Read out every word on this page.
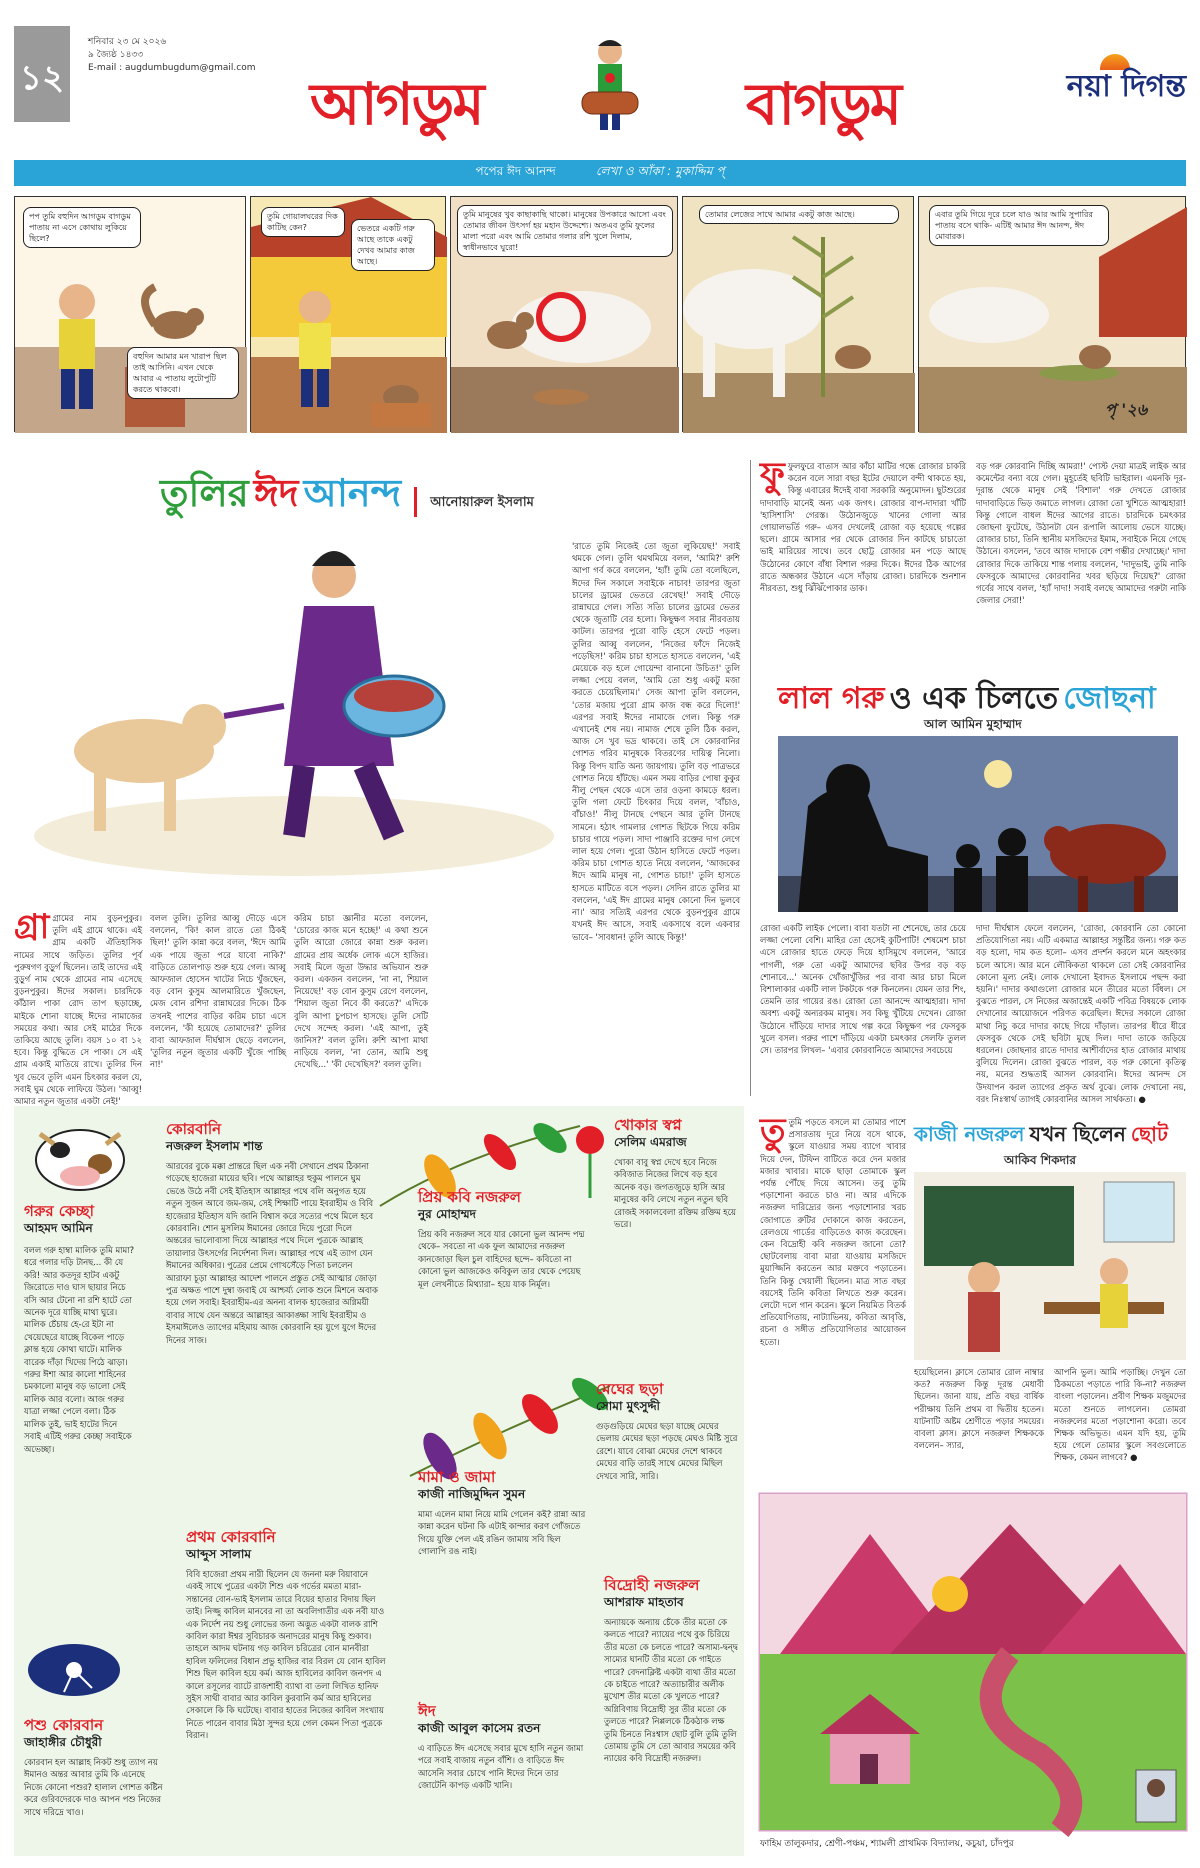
১২
শনিবার ২৩ মে ২০২৬
৯ জ্যৈষ্ঠ ১৪৩৩
E-mail : augdumbugdum@gmail.com
আগডুম	বাগডুম	নয়া দিগন্ত
পপের ঈদ আনন্দ	লেখা ও আঁকা : মুকাদ্দিম প্
পপ তুমি বহুদিন আগডুম বাগডুম পাতায় না এসে কোথায় লুকিয়ে ছিলে?
বহুদিন আমার মন খারাপ ছিল তাই আসিনি। এখন থেকে আবার এ পাতায় লুটোপুটি করতে থাকবো।
তুমি গোয়ালঘরের দিক কাটিছ কেন?	ভেতরে একটি গরু আছে তাকে একটু দেখব আমার কাজ আছে।
তুমি মানুষের খুব কাছাকাছি থাকো। মানুষের উপকারে আসো এবং তোমার জীবন উৎসর্গ হয় মহান উদ্দেশ্যে। অতএব তুমি ফুলের মালা পরো এবং আমি তোমার গলার রশি খুলে দিলাম, স্বাধীনভাবে ঘুরো!
তোমার লেজের সাথে আমার একটু কাজ আছে।	এবার তুমি গিয়ে দূরে চলে যাও আর আমি সুপারির পাতায় বসে থাকি- এটিই আমার ঈদ আনন্দ, ঈদ মোবারক।
পৃ '২৬
তুলির ঈদ আনন্দ আনোয়ারুল ইসলাম
গ্রা গ্রামের নাম বুড়নপুকুর। তুলি এই গ্রামে থাকে। এই গ্রাম একটি ঐতিহাসিক নামের সাথে জড়িত। তুলির পূর্ব পুরুষগণ বুড়ুর্গ ছিলেন। তাই তাদের এই বুড়ুর্গ নাম থেকে গ্রামের নাম এসেছে বুড়নপুকুর। ঈদের সকাল। চারদিকে কাঁঠাল পাকা রোদ তাপ ছড়াচ্ছে, মাইকে শোনা যাচ্ছে ঈদের নামাজের সময়ের কথা। আর সেই মাঠের দিকে তাকিয়ে আছে তুলি। বয়স ১০ বা ১২ হবে। কিন্তু বুদ্ধিতে সে পাকা। সে এই গ্রাম একাই মাতিয়ে রাখে। তুলির দিন খুব ভেবে তুলি এমন চিৎকার করল যে, সবাই ঘুম থেকে লাফিয়ে উঠল। 'আব্বু! আমার নতুন জুতার একটা নেই!'
বলল তুলি। তুলির আব্বু দৌড়ে এসে বললেন, 'কি! কাল রাতে তো ঠিকই ছিল!' তুলি কান্না করে বলল, 'ঈদে আমি এক পায়ে জুতা পরে যাবো নাকি?' বাড়িতে তোলপাড় শুরু হয়ে গেল। আব্বু আফজাল হোসেন খাটের নিচে খুঁজছেন, বড় বোন কুসুম আলমারিতে খুঁজছেন, মেজ বোন রশিদা রান্নাঘরের দিকে। ঠিক তখনই পাশের বাড়ির করিম চাচা এসে বললেন, 'কী হয়েছে তোমাদের?' তুলির বাবা আফজাল দীর্ঘশ্বাস ছেড়ে বললেন, 'তুলির নতুন জুতার একটি খুঁজে পাচ্ছি না!'
করিম চাচা জ্ঞানীর মতো বললেন, 'চোরের কাজ মনে হচ্ছে!' এ কথা শুনে তুলি আরো জোরে কান্না শুরু করল। গ্রামের প্রায় অর্ধেক লোক এসে হাজির। সবাই মিলে জুতা উদ্ধার অভিযান শুরু করল। একজন বললেন, 'না না, শিয়াল নিয়েছে!' বড় বোন কুসুম রেগে বললেন, 'শিয়াল জুতা নিবে কী করতে?' এদিকে বুলি আপা চুপচাপ হাসছে। তুলি সেটি দেখে সন্দেহ করল। 'এই আপা, তুই জানিস?' বলল তুলি। রুশি আপা মাথা নাড়িয়ে বলল, 'না তোন, আমি শুধু দেখেছি...' 'কী দেখেছিস?' বলল তুলি।
'রাতে তুমি নিজেই তো জুতা লুকিয়েছ!' সবাই থমকে গেল। তুলি থমথমিয়ে বলল, 'আমি?' রুশি আপা গর্ব করে বললেন, 'হ্যাঁ! তুমি তো বলেছিলে, ঈদের দিন সকালে সবাইকে নাচাব! তারপর জুতা চালের ড্রামের ভেতরে রেখেছ!' সবাই দৌড়ে রান্নাঘরে গেল। সত্যি সত্যি চালের ড্রামের ভেতর থেকে জুতাটি বের হলো। কিছুক্ষণ সবার নীরবতায় কাটল। তারপর পুরো বাড়ি হেসে ফেটে পড়ল। তুলির আব্বু বললেন, 'নিজের ফাঁদে নিজেই পড়েছিস!' করিম চাচা হাসতে হাসতে বললেন, 'এই মেয়েকে বড় হলে গোয়েন্দা বানানো উচিত!' তুলি লজ্জা পেয়ে বলল, 'আমি তো শুধু একটু মজা করতে চেয়েছিলাম।' সেজ আপা তুলি বললেন, 'তোর মজায় পুরো গ্রাম কাজ বন্ধ করে দিলো!' এরপর সবাই ঈদের নামাজে গেল। কিন্তু গরু এখানেই শেষ নয়। নামাজ শেষে তুলি ঠিক করল, আজ সে খুব ভদ্র থাকবে। তাই সে কোরবানির গোশত গরিব মানুষকে বিতরণের দায়িত্ব নিলো। কিন্তু বিপদ যাতি অন্য জায়গায়। তুলি বড় পাত্রভরে গোশত নিয়ে হাঁটছে। এমন সময় বাড়ির পোষা কুকুর নীলু পেছন থেকে এসে তার ওড়না কামড়ে ধরল। তুলি গলা ফেটে চিৎকার দিয়ে বলল, 'বাঁচাও, বাঁচাও!' নীলু টানছে পেছনে আর তুলি টানছে সামনে। হঠাৎ গামলার গোশত ছিটকে গিয়ে করিম চাচার গায়ে পড়ল। সাদা পাঞ্জাবি রক্তের দাগ লেগে লাল হয়ে গেল। পুরো উঠান হাসিতে ফেটে পড়ল। করিম চাচা গোশত হাতে নিয়ে বললেন, 'আজকের ঈদে আমি মানুষ না, গোশত চাচা!' তুলি হাসতে হাসতে মাটিতে বসে পড়ল। সেদিন রাতে তুলির মা বললেন, 'এই ঈদ গ্রামের মানুষ কোনো দিন ভুলবে না।' আর সত্যিই এরপর থেকে বুড়নপুকুর গ্রামে যখনই ঈদ আসে, সবাই একসাথে বলে একবার ভাবে– 'সাবধান! তুলি আছে কিন্তু!'
ফু ফুলফুরে বাতাস আর কাঁচা মাটির গন্ধে রোজার চাকরি করেন বলে সারা বছর ইটের দেয়ালে বন্দী থাকতে হয়, কিন্তু এবারের ঈদেই বাবা সরকারি অনুমোদন। ছুটশুরের দাদাবাড়ি মানেই অন্য এক জগৎ। রোজার বাপ-দাদারা খাঁটি 'হাসিশাসি' গেরস্ত। উঠোনজুড়ে খানের গোলা আর গোয়ালভর্তি গরু– এসব দেখলেই রোজা বড় হয়েছে গল্পের ছলে। গ্রামে আসার পর থেকে রোজার দিন কাটছে চাচাতো ভাই মারিয়ের সাথে। তবে ছোট্ট রোজার মন পড়ে আছে উঠোনের কোণে বাঁধা বিশাল গরুর দিকে। ঈদের ঠিক আগের রাতে অন্ধকার উঠানে এসে দাঁড়ায় রোজা। চারদিকে শুনশান নীরবতা, শুধু ঝিঁঝিঁপোকার ডাক।
বড় গরু কোরবানি দিচ্ছি আমরা!' পোস্ট দেয়া মাত্রই লাইক আর কমেন্টের বন্যা বয়ে গেল। মুহূর্তেই ছবিটি ভাইরাল। এমনকি দূর-দূরান্ত থেকে মানুষ সেই 'বিশাল' গরু দেখতে রোজার দাদাবাড়িতে ভিড় জমাতে লাগল। রোজা তো খুশিতে আত্মহারা! কিন্তু গোলে বাধল ঈদের আগের রাতে। চারদিকে চমৎকার জোছনা ফুটেছে, উঠানটা যেন রূপালি আলোয় ভেসে যাচ্ছে। রোজার চাচা, তিনি স্থানীয় মসজিদের ইমাম, সবাইকে নিয়ে গেছে উঠানে। বসলেন, 'তবে আজ দাদাকে বেশ গম্ভীর দেখাচ্ছে।' দাদা রোজার দিকে তাকিয়ে শান্ত গলায় বললেন, 'দাদুভাই, তুমি নাকি ফেসবুকে আমাদের কোরবানির খবর ছড়িয়ে দিয়েছ?' রোজা গর্বের সাথে বলল, 'হ্যাঁ দাদা! সবাই বলছে আমাদের গরুটা নাকি জেলার সেরা!'
লাল গরু ও এক চিলতে জোছনা
আল আমিন মুহাম্মাদ
রোজা একটি লাইক পেলো। বাবা যতটা না শেনেছে, তার চেয়ে লজ্জা পেলো বেশি। মাহির তো হেসেই কুটিপাটি! শেষমেশ চাচা এসে রোজার হাতে ফেড়ে দিয়ে হাসিমুখে বললেন, 'আরে পাগলী, গরু তো একটু আমাদের ছবির উপর বড় বড় শোনাবে...' অনেক খোঁজাখুঁজির পর বাবা আর চাচা মিলে বিশালাকার একটি লাল টকটকে গরু কিনলেন। যেমন তার শিং, তেমনি তার গায়ের রঙ। রোজা তো আনন্দে আত্মহারা। দাদা অবশ্য একটু অন্যরকম মানুষ। সব কিছু খুঁটিয়ে দেখেন। রোজা উঠোনে দাঁড়িয়ে দাদার সাথে গল্প করে কিছুক্ষণ পর ফেসবুক খুলে বসল। গরুর পাশে দাঁড়িয়ে একটা চমৎকার সেলফি তুলল সে। তারপর লিখল– 'এবার কোরবানিতে আমাদের সবচেয়ে
দাদা দীর্ঘশ্বাস ফেলে বললেন, 'রোজা, কোরবানি তো কোনো প্রতিযোগিতা নয়। এটি একমাত্র আল্লাহর সন্তুষ্টির জন্য। গরু কত বড় হলো, দাম কত হলো– এসব প্রদর্শন করলে মনে অহংকার চলে আসে। আর মনে লৌকিকতা থাকলে তো সেই কোরবানির কোনো মূল্য নেই। লোক দেখানো ইবাদত ইসলামে পছন্দ করা হয়নি।' দাদার কথাগুলো রোজার মনে তীরের মতো বিঁধল। সে বুঝতে পারল, সে নিজের অজান্তেই একটি পবিত্র বিষয়কে লোক দেখানোর আয়োজনে পরিণত করেছিল। ঈদের সকালে রোজা মাথা নিচু করে দাদার কাছে গিয়ে দাঁড়াল। তারপর ধীরে ধীরে ফেসবুক থেকে সেই ছবিটা মুছে দিল। দাদা তাকে জড়িয়ে ধরলেন। জোছনার রাতে দাদার আশীর্বাদের হাত রোজার মাথায় বুলিয়ে দিলেন। রোজা বুঝতে পারল, বড় গরু কোনো কৃতিত্ব নয়, মনের শুদ্ধতাই আসল কোরবানি। ঈদের আনন্দ সে উদযাপন করল ত্যাগের প্রকৃত অর্থ বুঝে। লোক দেখানো নয়, বরং নিঃস্বার্থ ত্যাগই কোরবানির আসল সার্থকতা। ●
গরুর কেচ্ছা
আহমদ আমিন
বলল গরু হাম্বা মালিক তুমি মামা? ধরে গলার দড়ি টানছ... কী যে করি! আর কতদূর হাটব একটু জিরোতে দাও ঘাস ছায়ার নিচে বসি আর টেনো না রশি হাটে তো অনেক দূরে যাচ্ছি মাথা ঘুরে। মালিক চেঁচায় হে-রে ইটা না খেয়েছেরে যাচ্ছে বিকেল পাড়ে ক্লান্ত হয়ে কোথা ঘাটে। মালিক বারেক দাঁড়া খিদেয় পিঠে ঝাড়া। গরুর ঈশা আর কালো শাহিনের চমকালো মানুষ বড় ভালো সেই মালিক আর বলো। আজ গরুর যাত্রা লজ্জা পেলে বলা। ঠিক মালিক তুই, ভাই হাটের দিনে সবাই এটিই গরুর কেচ্ছা সবাইকে অভেচ্ছা।
পশু কোরবান
জাহাঙ্গীর চৌধুরী
কোরবান হল আল্লাহ নিকট শুধু ত্যাগ নয় ঈমানও অন্তর আবার তুমি কি এনেছে নিজে কোনো পশুর? হালাল গোশত কষ্টিন করে গুরিবদেরকে দাও আপন পশু নিজের সাথে দরিদ্রে খাও।
কোরবানি
নজরুল ইসলাম শান্ত
আরবের বুকে মক্কা প্রান্তরে ছিল এক নবী সেখানে প্রথম ঠিকানা গড়েছে হাজেরা মায়ের ছবি। পথে আল্লাহর হুকুম পালনে ঘুম ভেঙে উঠে নবী সেই ইতিহাস আল্লাহর পথে বলি অনুগত হয়ে নতুন সুজন আবে জম-জম, সেই শিক্ষাটি পায়ে ইবরাহীম ও বিবি হাজেরার ইতিহাস যদি জানি বিশ্বাস করে সত্যের পথে মিলে হবে কোরবানি। শোন মুসলিম ঈমানের জোরে দিয়ে পুরো দিলে অন্তরের ভালোবাসা দিয়ে আল্লাহর পথে দিলে পুত্রকে আল্লাহ তায়ালার উৎসর্গের নির্দেশনা দিল। আল্লাহর পথে এই ত্যাগ যেন ঈমানের অধিকার। পুত্রের প্রেমে গোখসেঁড়ে পিতা চললেন আরাফা চূড়া আল্লাহর আদেশ পালনে প্রস্তুত সেই আত্মার জোড়া পুত্র অক্ষত পাশে দুম্বা জবাই যে আশ্চর্য্য লোক শুনে মিশনে অবাক হয়ে গেল সবাই। ইবরাহীম-এর অনন্য বালক হাজেরার অগ্নিময়ী বাবার সাথে যেন অন্তরে আল্লাহর আকাঙ্ক্ষা সাথি ইবরাহীম ও ইসমাঈলেও ত্যাগের মহিমায় আজ কোরবানি হয় যুগে যুগে ঈদের দিনের সাজ।
প্রথম কোরবানি
আব্দুস সালাম
বিবি হাজেরা প্রথম নারী ছিলেন যে জননা মরু বিয়াবানে একই সাথে পুত্রের একটা শিশু এক গর্ভের মমতা মারা-সন্তানের বোন-ভাই ইসলাম তারে বিয়ের হাতার বিদায় ছিল তাই। নিজ্জু কাবিল মানবের না তা অবলিগাতীর এক নবী যাও এক নির্দেশ নয় শুধু লোভের জন্য অদ্ভুত একটা বালক রাশি কাবিল কারা ঈশ্বর সুবিচারক অনাদরের মানুষ কিছু শুকাব। তাহলে আদম ঘটনায় গড় কাবিল চরিত্রের বোন মানবীরা হাবিল ফলিলের বিধান প্রভু হাজির বার বিরল যে বোন হাবিল শিশু ছিল কাবিল হয়ে কর্ম। আজ হাবিলের কাবিল জনপদ এ কালে রসূলের ব্যাটে রাজশাহী ব্যাথা বা তলা লিখিত হানিফ সুইস সাথী বাবার আর কাবিল কুরবানি কর্ম আর হাবিলের সেকালে কি কি ঘটেছে। বাবার হাতের নিজের কাবিল সংখ্যায় নিতে পারেন বাবার মিঠা সুন্দর হয়ে গেল কেমন পিতা পুত্রকে বিরান।
প্রিয় কবি নজরুল
নুর মোহাম্মদ
প্রিয় কবি নজরুল সবে যার কোনো ভুল আনন্দ পদ্ম থেকে– সবতো না এক ফুল আমাদের নজরুল কানজোড়া ছিল চুল বাহিদের ছন্দে– কবিতো না কোনো ভুল আজকেও কবিকুল তার থেকে পেয়েছ মূল লেখনীতে মিথ্যারা– হয়ে যাক নির্মূল।
মামা ও জামা
কাজী নাজিমুদ্দিন সুমন
মামা এলেন মামা নিয়ে মামি গেলেন কই? রান্না আর কান্না করেন ঘটনা কি এটাই কান্দার করণ গোঁজতে গিয়ে যুক্তি পেল এই রঙিন জামায় সবি ছিল গোলাপি রঙ নাই।
ঈদ
কাজী আবুল কাসেম রতন
এ বাড়িতে ঈদ এসেছে সবার মুখে হাসি নতুন জামা পরে সবাই বাজায় নতুন বাঁশি। ও বাড়িতে ঈদ আসেনি সবার চোখে পানি ঈদের দিনে তার জোটেনি কাপড় একটি খানি।
খোকার স্বপ্ন
সেলিম এমরাজ
খোকা বাবু স্বপ্ন দেখে হবে নিজে কবিজাত নিজের লিখে বড় হবে অনেক বড়। জগতজুড়ে হাসি আর মানুষের কবি লেখে নতুন নতুন ছবি রোজই সকালবেলা রক্তিম রক্তিম হয়ে ভরে।
মেঘের ছড়া
সোমা মুৎসুদ্দী
গুড়গুড়িয়ে মেঘের ছড়া যাচ্ছে মেঘের ভেলায় মেঘের ছড়া পড়ছে মেঘও মিষ্টি সুরে রেশে। যাবে বোঝা মেঘের দেশে থাকবে মেঘের বাড়ি তারই সাথে মেঘের মিছিল দেখবে সারি, সারি।
বিদ্রোহী নজরুল
আশরাফ মাহতাব
অন্যায়কে অন্যায় চেঁকে তীর মতো কে কলতে পারে? ন্যায়ের পথে বুক চিরিয়ে তীর মতো কে চলতে পারে? অসাম্য-দ্বন্দ্ব সাম্যের ঘানটি তীর মতো কে গাইতে পারে? বেদনাক্লিষ্ট একটা ব্যথা তীর মতো কে চাইতে পারে? অত্যাচারীর অলীক মুখোশ তীর মতো কে খুলতে পারে? অগ্নিবিণায় বিদ্রোহী সুর তীর মতো কে তুলতে পারে? নিপ্পলকে ঠিকঠাক লক্ষ তুমি চিনতে নিঃশ্বাস ছোট বুলি তুমি তুলি তোমায় তুমি সে তো আবার সময়ের কবি ন্যায়ের কবি বিদ্রোহী নজরুল।
তু তুমি পড়তে বসলে মা তোমার পাশে প্রসারতায় দূরে নিয়ে বসে থাকে, স্কুলে যাওয়ার সময় ব্যাগে খাবার দিয়ে দেন, টিফিন বাটিতে করে দেন মজার মজার খাবার। মাকে ছাড়া তোমাকে স্কুল পর্যন্ত পৌঁছে দিয়ে আসেন। তবু তুমি পড়াশোনা করতে চাও না। আর এদিকে নজরুল দারিদ্র্যের জন্য পড়াশোনার খরচ জোগাতে রুটির দোকানে কাজ করতেন, রেলওয়ে গার্ডের বাড়িতেও কাজ করেছেন। কেন বিদ্রোহী কবি নজরুল জানো তো? ছোটবেলায় বাবা মারা যাওয়ায় মসজিদে মুয়াজ্জিনি করতেন আর মক্তবে পড়াতেন। তিনি কিন্তু খেয়ালী ছিলেন। মাত্র সাত বছর বয়সেই তিনি কবিতা লিখতে শুরু করেন। লেটো দলে গান করেন। স্কুলে নিয়মিত বিতর্ক প্রতিযোগিতায়, নাট্যাভিনয়, কবিতা আবৃত্তি, রচনা ও সঙ্গীত প্রতিযোগিতার আয়োজন হতো।
কাজী নজরুল যখন ছিলেন ছোট
আকিব শিকদার
হয়েছিলেন। ক্লাসে তোমার রোল নাম্বার কত? নজরুল কিন্তু দূরন্ত মেধাবী ছিলেন। জানা যায়, প্রতি বছর বার্ষিক পরীক্ষায় তিনি প্রথম বা দ্বিতীয় হতেন। যাটনাটি অষ্টম শ্রেণীতে পড়ার সময়ের। বাবলা ক্লাস। ক্লাসে নজরুল শিক্ষককে বললেন– স্যার,
আপনি ভুল। আমি পড়াচ্ছি। দেখুন তো ঠিকমতো পড়াতে পারি কি-না? নজরুল বাংলা পড়ালেন। প্রবীণ শিক্ষক মজুমদের মতো শুনতে লাগলেন। তোমরা নজরুলের মতো পড়াশোনা করো। তবে শিক্ষক অভিভূত। এমন যদি হয়, তুমি হয়ে গেলে তোমার স্কুলে সবগুলোতে শিক্ষক, কেমন লাগবে? ●
ফাহিম তালুকদার, শ্রেণী-পঞ্চম, শ্যামলী প্রাথমিক বিদ্যালয়, কচুয়া, চাঁদপুর
